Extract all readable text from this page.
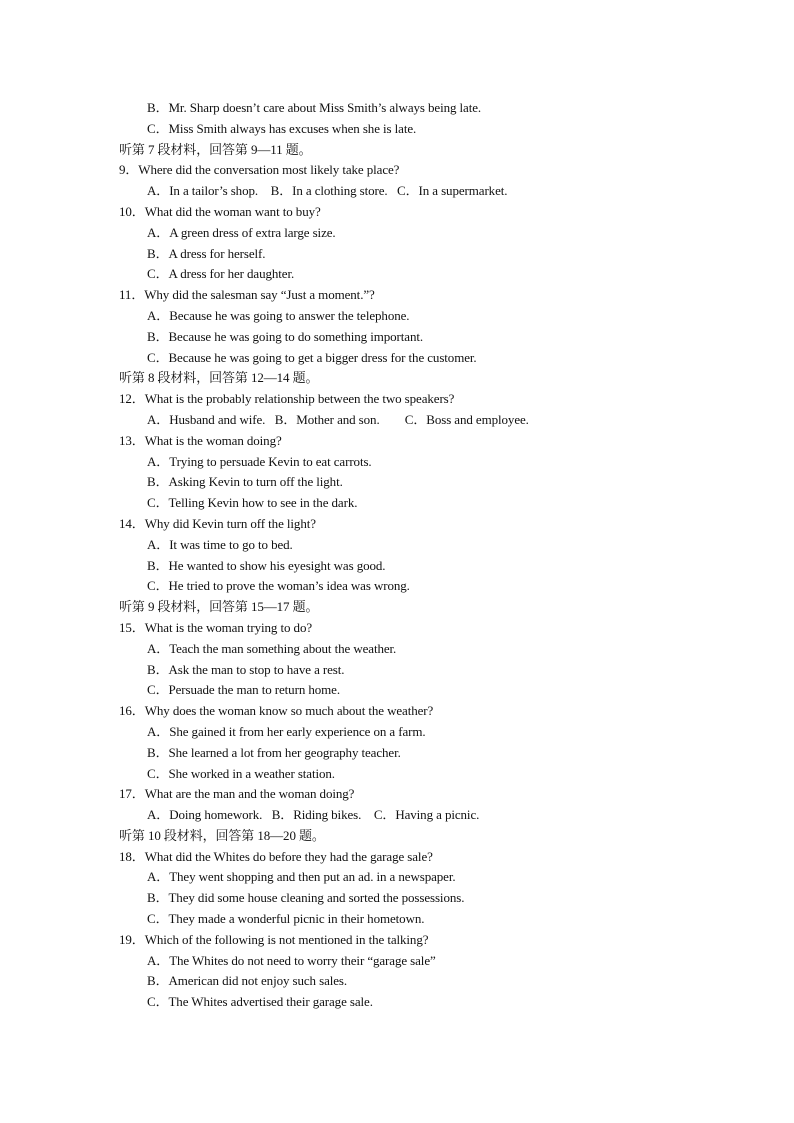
B．Mr. Sharp doesn’t care about Miss Smith’s always being late.
C．Miss Smith always has excuses when she is late.
听第 7 段材料，回答第 9—11 题。
9．Where did the conversation most likely take place?
A．In a tailor’s shop.    B．In a clothing store.   C．In a supermarket.
10．What did the woman want to buy?
A．A green dress of extra large size.
B．A dress for herself.
C．A dress for her daughter.
11．Why did the salesman say “Just a moment.”?
A．Because he was going to answer the telephone.
B．Because he was going to do something important.
C．Because he was going to get a bigger dress for the customer.
听第 8 段材料，回答第 12—14 题。
12．What is the probably relationship between the two speakers?
A．Husband and wife.   B．Mother and son.        C．Boss and employee.
13．What is the woman doing?
A．Trying to persuade Kevin to eat carrots.
B．Asking Kevin to turn off the light.
C．Telling Kevin how to see in the dark.
14．Why did Kevin turn off the light?
A．It was time to go to bed.
B．He wanted to show his eyesight was good.
C．He tried to prove the woman’s idea was wrong.
听第 9 段材料，回答第 15—17 题。
15．What is the woman trying to do?
A．Teach the man something about the weather.
B．Ask the man to stop to have a rest.
C．Persuade the man to return home.
16．Why does the woman know so much about the weather?
A．She gained it from her early experience on a farm.
B．She learned a lot from her geography teacher.
C．She worked in a weather station.
17．What are the man and the woman doing?
A．Doing homework.   B．Riding bikes.    C．Having a picnic.
听第 10 段材料，回答第 18—20 题。
18．What did the Whites do before they had the garage sale?
A．They went shopping and then put an ad. in a newspaper.
B．They did some house cleaning and sorted the possessions.
C．They made a wonderful picnic in their hometown.
19．Which of the following is not mentioned in the talking?
A．The Whites do not need to worry their “garage sale”
B．American did not enjoy such sales.
C．The Whites advertised their garage sale.
